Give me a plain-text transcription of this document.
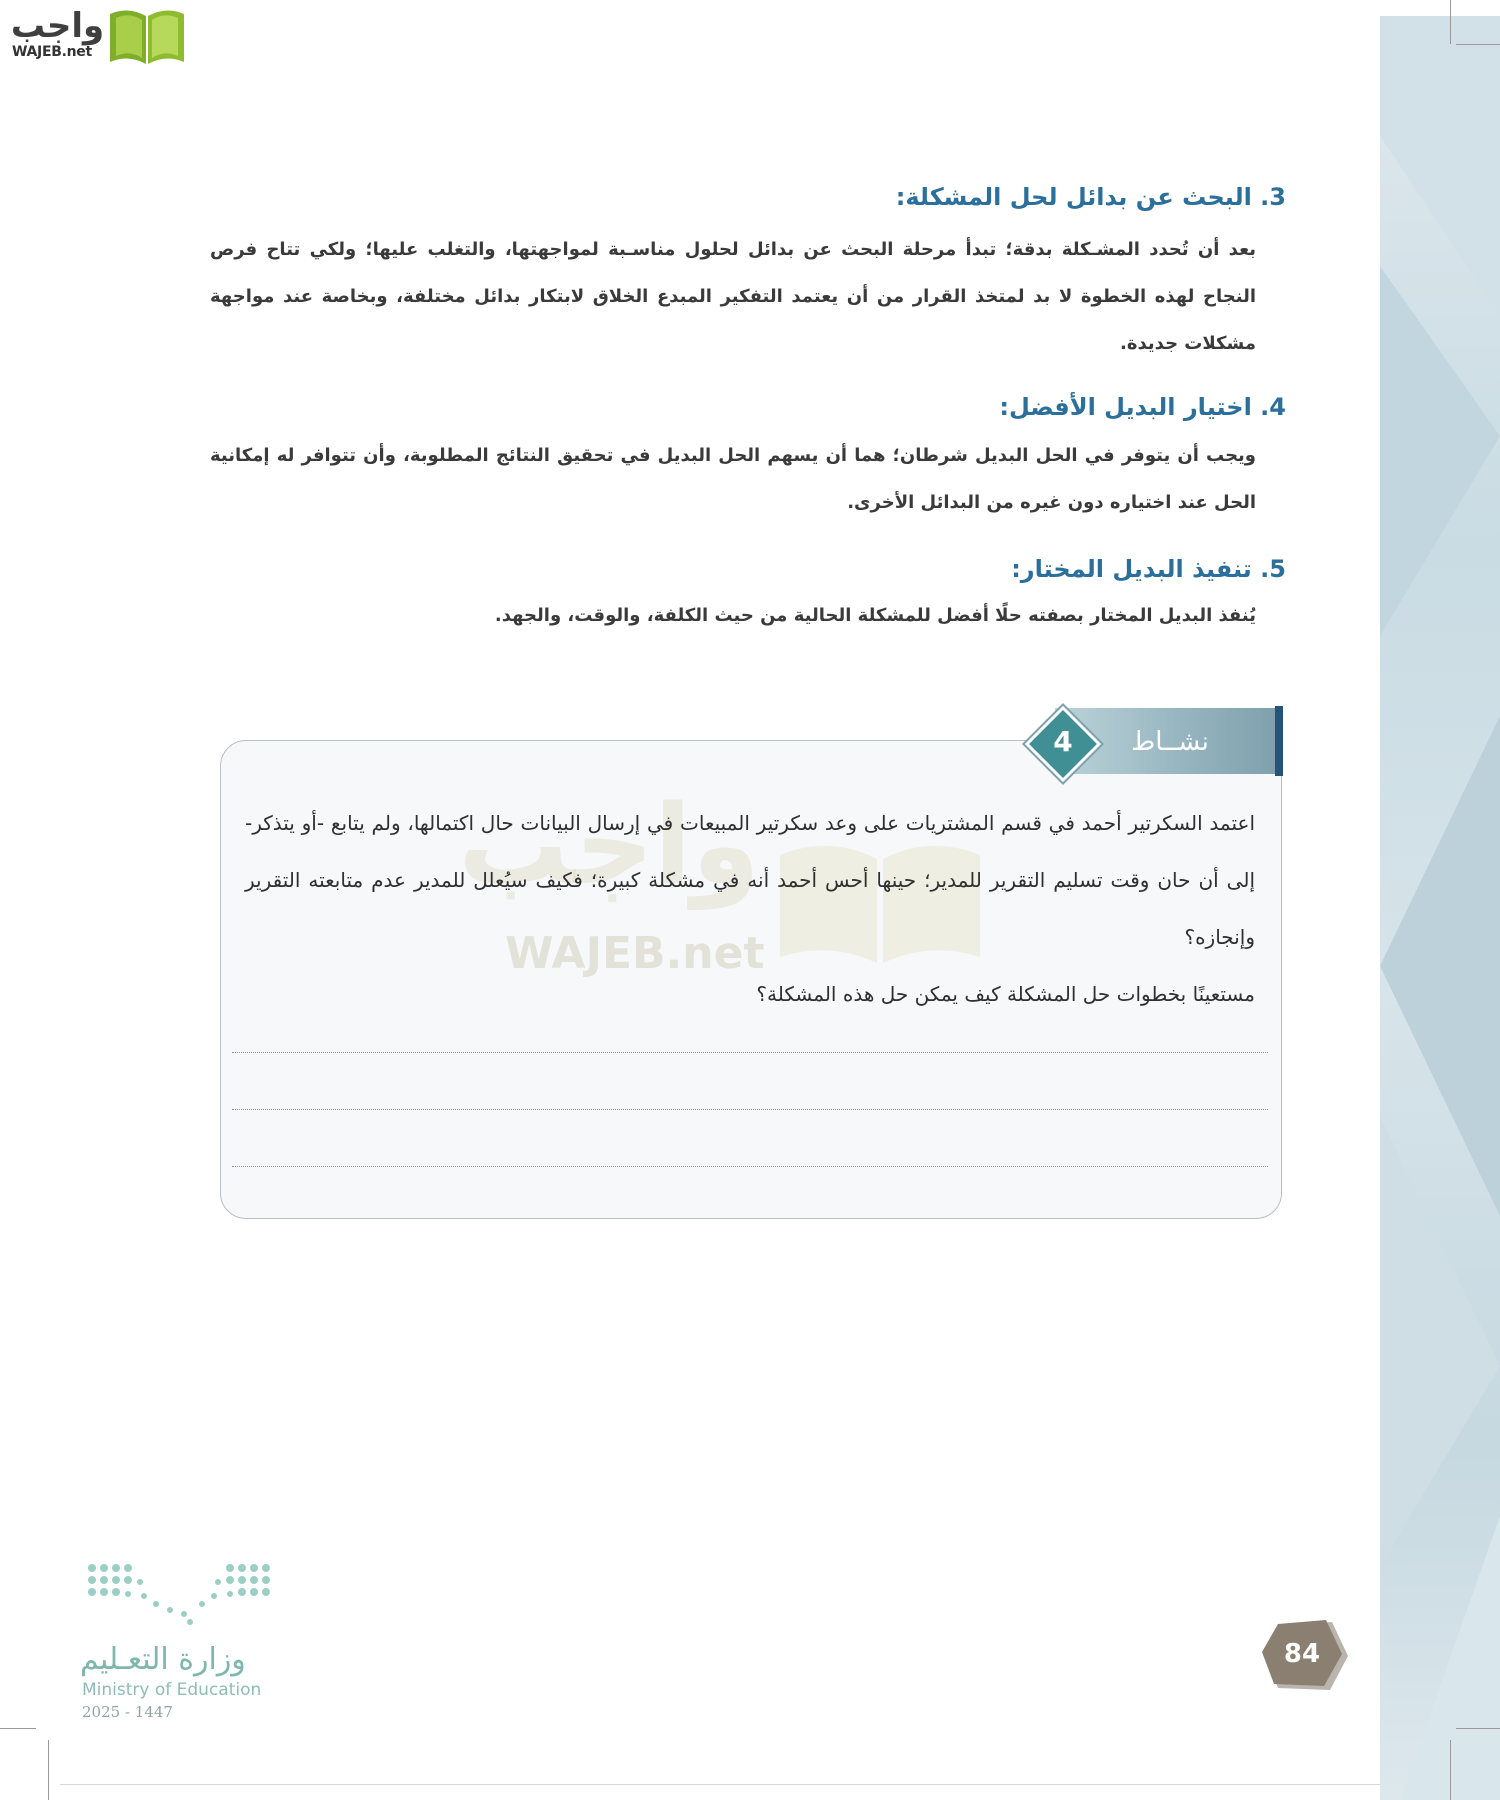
واجب
WAJEB.net
3. البحث عن بدائل لحل المشكلة:
بعد أن تُحدد المشـكلة بدقة؛ تبدأ مرحلة البحث عن بدائل لحلول مناسـبة لمواجهتها، والتغلب عليها؛ ولكي تتاح فرص النجاح لهذه الخطوة لا بد لمتخذ القرار من أن يعتمد التفكير المبدع الخلاق لابتكار بدائل مختلفة، وبخاصة عند مواجهة مشكلات جديدة.
4. اختيار البديل الأفضل:
ويجب أن يتوفر في الحل البديل شرطان؛ هما أن يسهم الحل البديل في تحقيق النتائج المطلوبة، وأن تتوافر له إمكانية الحل عند اختياره دون غيره من البدائل الأخرى.
5. تنفيذ البديل المختار:
يُنفذ البديل المختار بصفته حلًا أفضل للمشكلة الحالية من حيث الكلفة، والوقت، والجهد.
4	نشــاط
واجب
WAJEB.net
اعتمد السكرتير أحمد في قسم المشتريات على وعد سكرتير المبيعات في إرسال البيانات حال اكتمالها، ولم يتابع -أو يتذكر- إلى أن حان وقت تسليم التقرير للمدير؛ حينها أحس أحمد أنه في مشكلة كبيرة؛ فكيف سيُعلل للمدير عدم متابعته التقرير وإنجازه؟
مستعينًا بخطوات حل المشكلة كيف يمكن حل هذه المشكلة؟
وزارة التعـليم
Ministry of Education
2025 - 1447
84
